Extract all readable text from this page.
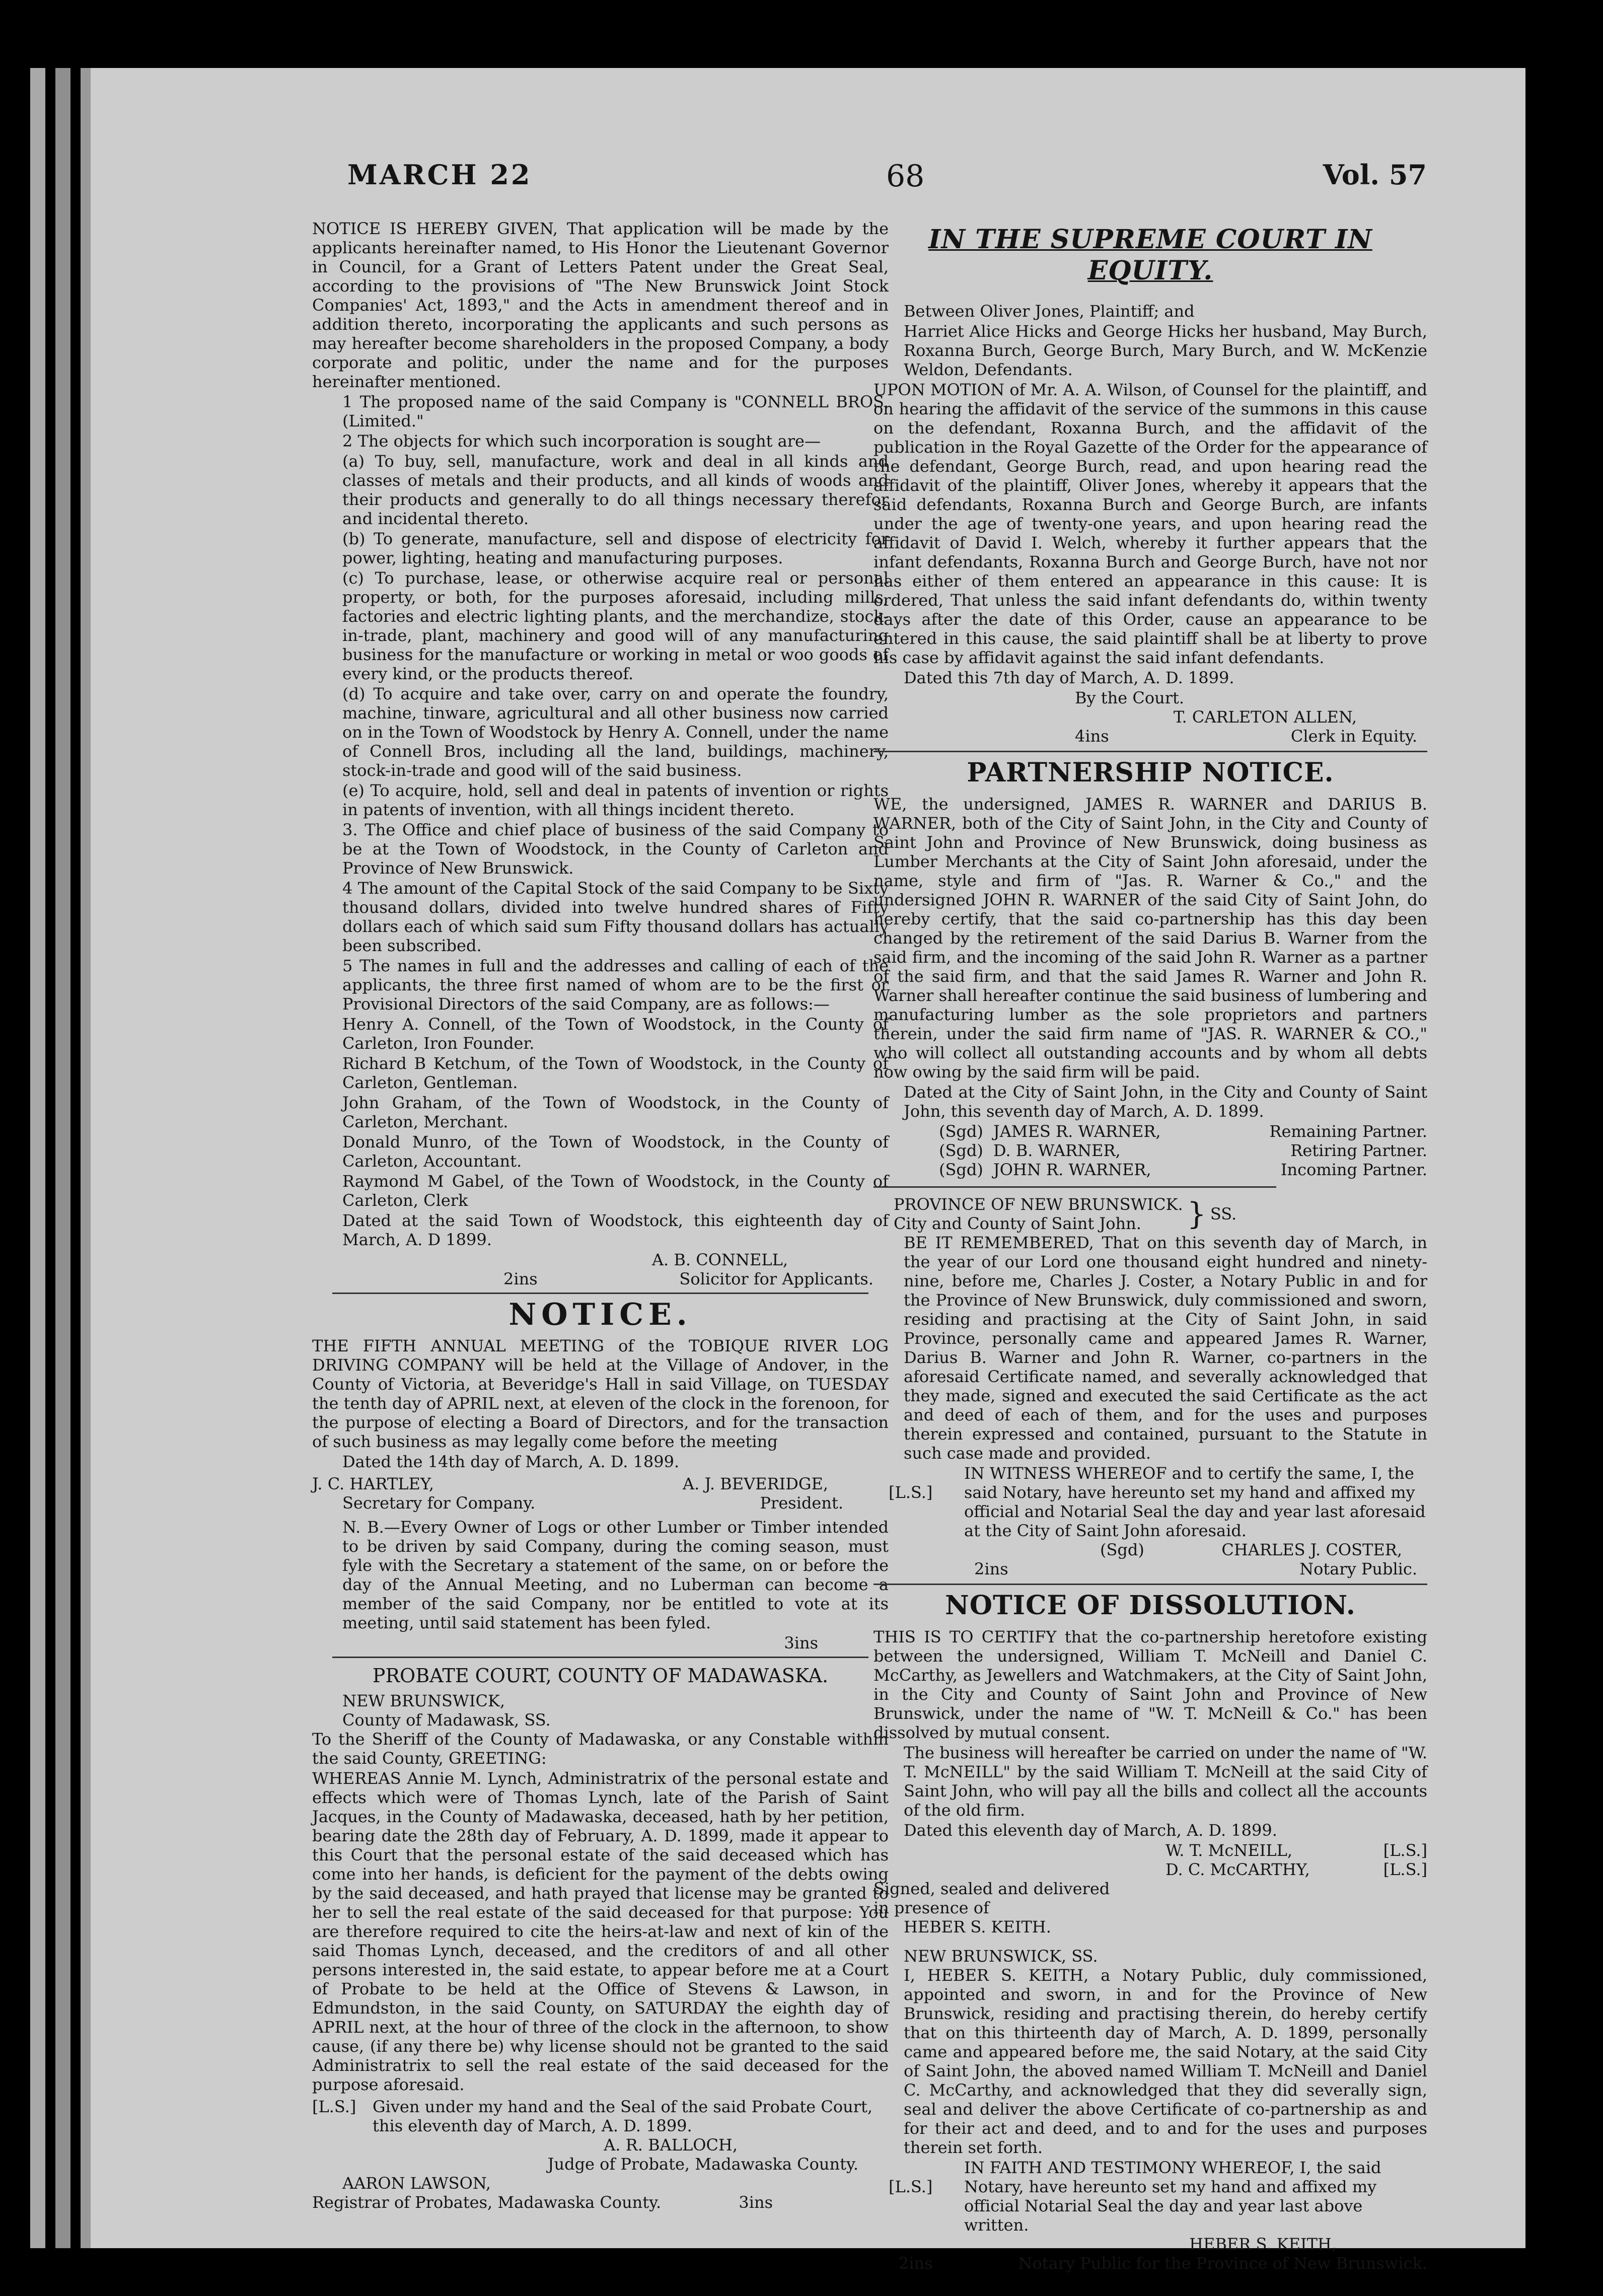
MARCH 22	68	Vol. 57

NOTICE IS HEREBY GIVEN, That application will be made by the applicants hereinafter named, to His Honor the Lieutenant Governor in Council, for a Grant of Letters Patent under the Great Seal, according to the provisions of "The New Brunswick Joint Stock Companies' Act, 1893," and the Acts in amendment thereof and in addition thereto, incorporating the applicants and such persons as may hereafter become shareholders in the proposed Company, a body corporate and politic, under the name and for the purposes hereinafter mentioned.

1 The proposed name of the said Company is "CONNELL BROS. (Limited."

2 The objects for which such incorporation is sought are—

(a) To buy, sell, manufacture, work and deal in all kinds and classes of metals and their products, and all kinds of woods and their products and generally to do all things necessary therefor and incidental thereto.

(b) To generate, manufacture, sell and dispose of electricity for power, lighting, heating and manufacturing purposes.

(c) To purchase, lease, or otherwise acquire real or personal property, or both, for the purposes aforesaid, including mills, factories and electric lighting plants, and the merchandize, stock-in-trade, plant, machinery and good will of any manufacturing business for the manufacture or working in metal or woo goods of every kind, or the products thereof.

(d) To acquire and take over, carry on and operate the foundry, machine, tinware, agricultural and all other business now carried on in the Town of Woodstock by Henry A. Connell, under the name of Connell Bros, including all the land, buildings, machinery, stock-in-trade and good will of the said business.

(e) To acquire, hold, sell and deal in patents of invention or rights in patents of invention, with all things incident thereto.

3. The Office and chief place of business of the said Company to be at the Town of Woodstock, in the County of Carleton and Province of New Brunswick.

4 The amount of the Capital Stock of the said Company to be Sixty thousand dollars, divided into twelve hundred shares of Fifty dollars each of which said sum Fifty thousand dollars has actually been subscribed.

5 The names in full and the addresses and calling of each of the applicants, the three first named of whom are to be the first or Provisional Directors of the said Company, are as follows:—

Henry A. Connell, of the Town of Woodstock, in the County of Carleton, Iron Founder.

Richard B Ketchum, of the Town of Woodstock, in the County of Carleton, Gentleman.

John Graham, of the Town of Woodstock, in the County of Carleton, Merchant.

Donald Munro, of the Town of Woodstock, in the County of Carleton, Accountant.

Raymond M Gabel, of the Town of Woodstock, in the County of Carleton, Clerk

Dated at the said Town of Woodstock, this eighteenth day of March, A. D 1899.

A. B. CONNELL,
2ins	Solicitor for Applicants.
NOTICE.

THE FIFTH ANNUAL MEETING of the TOBIQUE RIVER LOG DRIVING COMPANY will be held at the Village of Andover, in the County of Victoria, at Beveridge's Hall in said Village, on TUESDAY the tenth day of APRIL next, at eleven of the clock in the forenoon, for the purpose of electing a Board of Directors, and for the transaction of such business as may legally come before the meeting

Dated the 14th day of March, A. D. 1899.

J. C. HARTLEY,	A. J. BEVERIDGE,
Secretary for Company.	President.

N. B.—Every Owner of Logs or other Lumber or Timber intended to be driven by said Company, during the coming season, must fyle with the Secretary a statement of the same, on or before the day of the Annual Meeting, and no Luberman can become a member of the said Company, nor be entitled to vote at its meeting, until said statement has been fyled.

3ins
PROBATE COURT, COUNTY OF MADAWASKA.
NEW BRUNSWICK,
County of Madawask, SS.

To the Sheriff of the County of Madawaska, or any Constable within the said County, GREETING:

WHEREAS Annie M. Lynch, Administratrix of the personal estate and effects which were of Thomas Lynch, late of the Parish of Saint Jacques, in the County of Madawaska, deceased, hath by her petition, bearing date the 28th day of February, A. D. 1899, made it appear to this Court that the personal estate of the said deceased which has come into her hands, is deficient for the payment of the debts owing by the said deceased, and hath prayed that license may be granted to her to sell the real estate of the said deceased for that purpose: You are therefore required to cite the heirs-at-law and next of kin of the said Thomas Lynch, deceased, and the creditors of and all other persons interested in, the said estate, to appear before me at a Court of Probate to be held at the Office of Stevens & Lawson, in Edmundston, in the said County, on SATURDAY the eighth day of APRIL next, at the hour of three of the clock in the afternoon, to show cause, (if any there be) why license should not be granted to the said Administratrix to sell the real estate of the said deceased for the purpose aforesaid.

[L.S.]	Given under my hand and the Seal of the said Probate Court, this eleventh day of March, A. D. 1899.
A. R. BALLOCH,
Judge of Probate, Madawaska County.
AARON LAWSON,
Registrar of Probates, Madawaska County.	3ins
IN THE SUPREME COURT IN EQUITY.

Between Oliver Jones, Plaintiff; and

Harriet Alice Hicks and George Hicks her husband, May Burch, Roxanna Burch, George Burch, Mary Burch, and W. McKenzie Weldon, Defendants.

UPON MOTION of Mr. A. A. Wilson, of Counsel for the plaintiff, and on hearing the affidavit of the service of the summons in this cause on the defendant, Roxanna Burch, and the affidavit of the publication in the Royal Gazette of the Order for the appearance of the defendant, George Burch, read, and upon hearing read the affidavit of the plaintiff, Oliver Jones, whereby it appears that the said defendants, Roxanna Burch and George Burch, are infants under the age of twenty-one years, and upon hearing read the affidavit of David I. Welch, whereby it further appears that the infant defendants, Roxanna Burch and George Burch, have not nor has either of them entered an appearance in this cause: It is ordered, That unless the said infant defendants do, within twenty days after the date of this Order, cause an appearance to be entered in this cause, the said plaintiff shall be at liberty to prove his case by affidavit against the said infant defendants.

Dated this 7th day of March, A. D. 1899.

By the Court.
T. CARLETON ALLEN,
4ins	Clerk in Equity.
PARTNERSHIP NOTICE.

WE, the undersigned, JAMES R. WARNER and DARIUS B. WARNER, both of the City of Saint John, in the City and County of Saint John and Province of New Brunswick, doing business as Lumber Merchants at the City of Saint John aforesaid, under the name, style and firm of "Jas. R. Warner & Co.," and the undersigned JOHN R. WARNER of the said City of Saint John, do hereby certify, that the said co-partnership has this day been changed by the retirement of the said Darius B. Warner from the said firm, and the incoming of the said John R. Warner as a partner of the said firm, and that the said James R. Warner and John R. Warner shall hereafter continue the said business of lumbering and manufacturing lumber as the sole proprietors and partners therein, under the said firm name of "JAS. R. WARNER & CO.," who will collect all outstanding accounts and by whom all debts now owing by the said firm will be paid.

Dated at the City of Saint John, in the City and County of Saint John, this seventh day of March, A. D. 1899.

(Sgd) JAMES R. WARNER,	Remaining Partner.
(Sgd) D. B. WARNER,	Retiring Partner.
(Sgd) JOHN R. WARNER,	Incoming Partner.
PROVINCE OF NEW BRUNSWICK.
City and County of Saint John.	} SS.

BE IT REMEMBERED, That on this seventh day of March, in the year of our Lord one thousand eight hundred and ninety-nine, before me, Charles J. Coster, a Notary Public in and for the Province of New Brunswick, duly commissioned and sworn, residing and practising at the City of Saint John, in said Province, personally came and appeared James R. Warner, Darius B. Warner and John R. Warner, co-partners in the aforesaid Certificate named, and severally acknowledged that they made, signed and executed the said Certificate as the act and deed of each of them, and for the uses and purposes therein expressed and contained, pursuant to the Statute in such case made and provided.

[L.S.]
IN WITNESS WHEREOF and to certify the same, I, the said Notary, have hereunto set my hand and affixed my official and Notarial Seal the day and year last aforesaid at the City of Saint John aforesaid.
(Sgd)	CHARLES J. COSTER,
2ins	Notary Public.
NOTICE OF DISSOLUTION.

THIS IS TO CERTIFY that the co-partnership heretofore existing between the undersigned, William T. McNeill and Daniel C. McCarthy, as Jewellers and Watchmakers, at the City of Saint John, in the City and County of Saint John and Province of New Brunswick, under the name of "W. T. McNeill & Co." has been dissolved by mutual consent.

The business will hereafter be carried on under the name of "W. T. McNEILL" by the said William T. McNeill at the said City of Saint John, who will pay all the bills and collect all the accounts of the old firm.

Dated this eleventh day of March, A. D. 1899.

W. T. McNEILL,	[L.S.]
D. C. McCARTHY,	[L.S.]
Signed, sealed and delivered in presence of
HEBER S. KEITH.
NEW BRUNSWICK, SS.

I, HEBER S. KEITH, a Notary Public, duly commissioned, appointed and sworn, in and for the Province of New Brunswick, residing and practising therein, do hereby certify that on this thirteenth day of March, A. D. 1899, personally came and appeared before me, the said Notary, at the said City of Saint John, the aboved named William T. McNeill and Daniel C. McCarthy, and acknowledged that they did severally sign, seal and deliver the above Certificate of co-partnership as and for their act and deed, and to and for the uses and purposes therein set forth.

[L.S.]
IN FAITH AND TESTIMONY WHEREOF, I, the said Notary, have hereunto set my hand and affixed my official Notarial Seal the day and year last above written.
HEBER S. KEITH,
2ins	Notary Public for the Province of New Brunswick.
